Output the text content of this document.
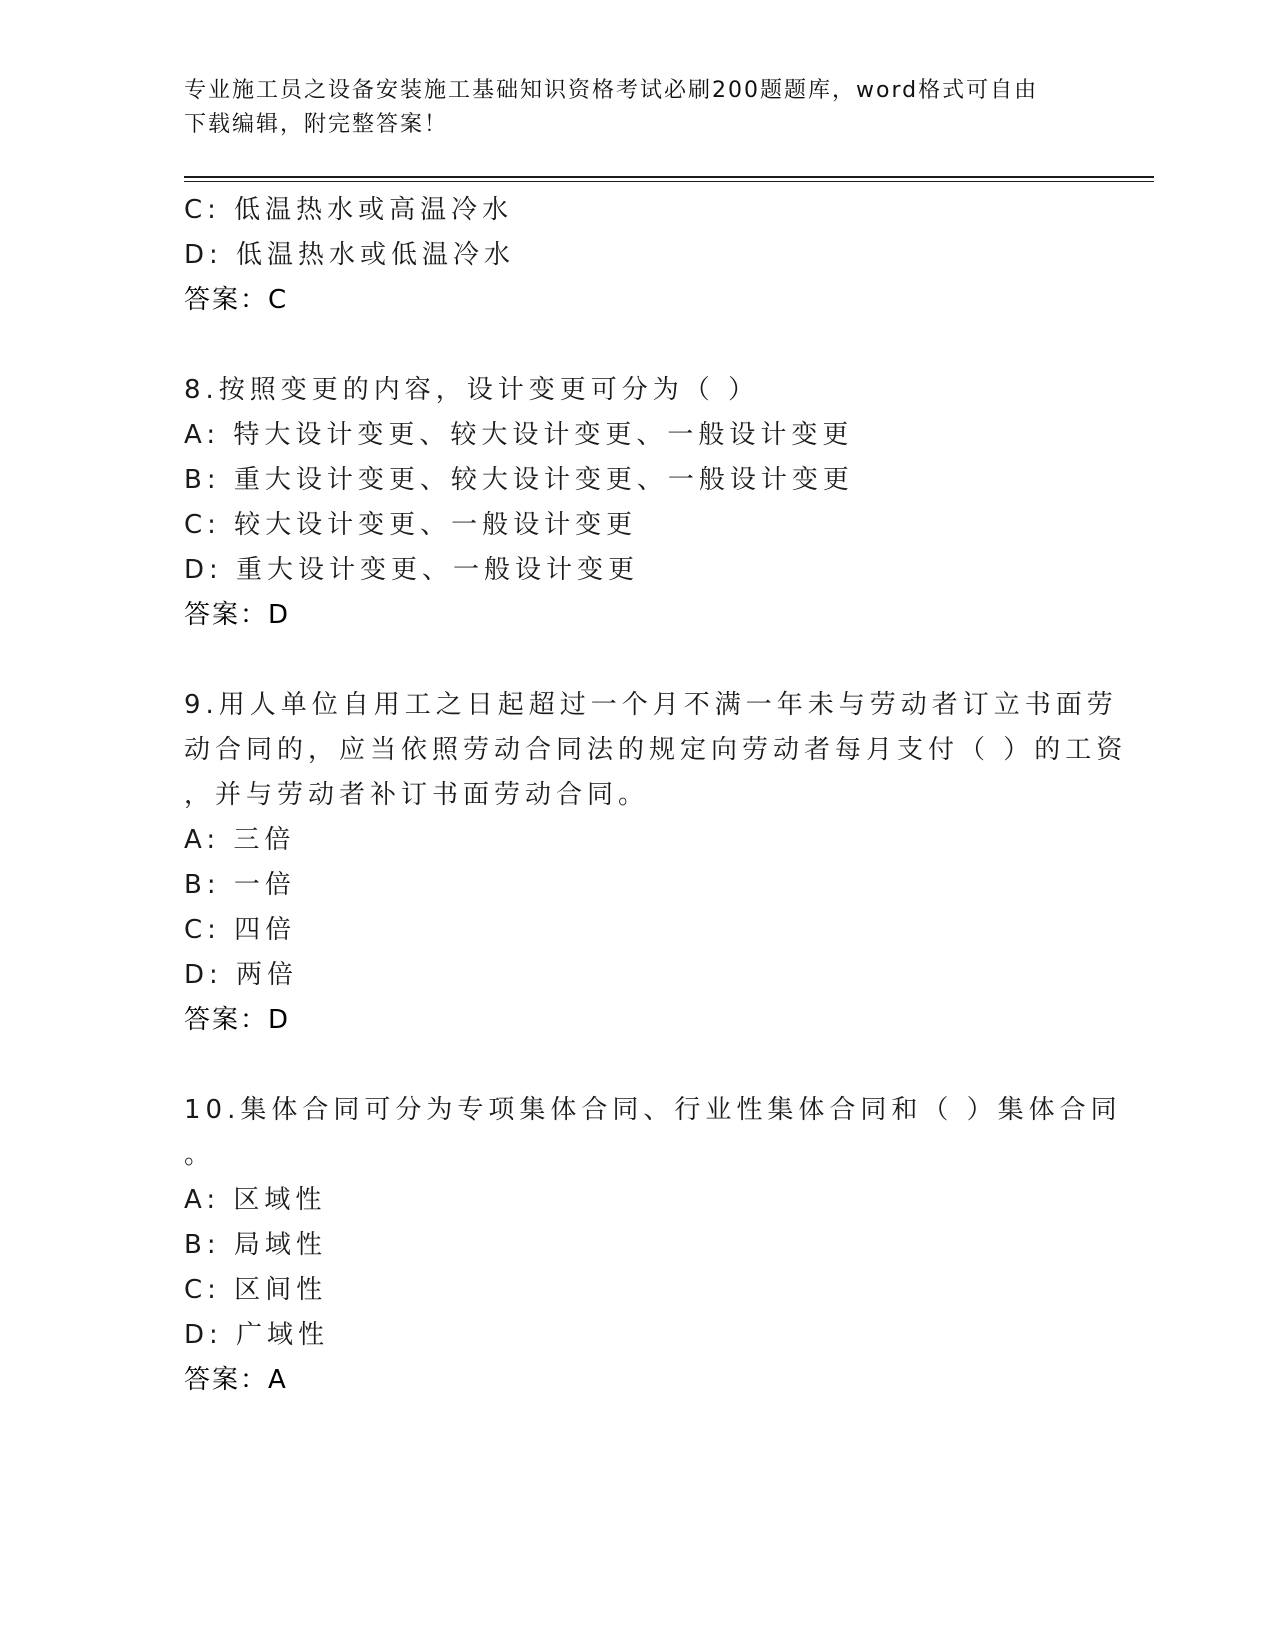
专业施工员之设备安装施工基础知识资格考试必刷200题题库，word格式可自由
下载编辑，附完整答案！
C: 低温热水或高温冷水
D: 低温热水或低温冷水
答案：C
8.按照变更的内容，设计变更可分为（ ）
A: 特大设计变更、较大设计变更、一般设计变更
B: 重大设计变更、较大设计变更、一般设计变更
C: 较大设计变更、一般设计变更
D: 重大设计变更、一般设计变更
答案：D
9.用人单位自用工之日起超过一个月不满一年未与劳动者订立书面劳
动合同的，应当依照劳动合同法的规定向劳动者每月支付（ ）的工资
，并与劳动者补订书面劳动合同。
A: 三倍
B: 一倍
C: 四倍
D: 两倍
答案：D
10.集体合同可分为专项集体合同、行业性集体合同和（ ）集体合同
。
A: 区域性
B: 局域性
C: 区间性
D: 广域性
答案：A
